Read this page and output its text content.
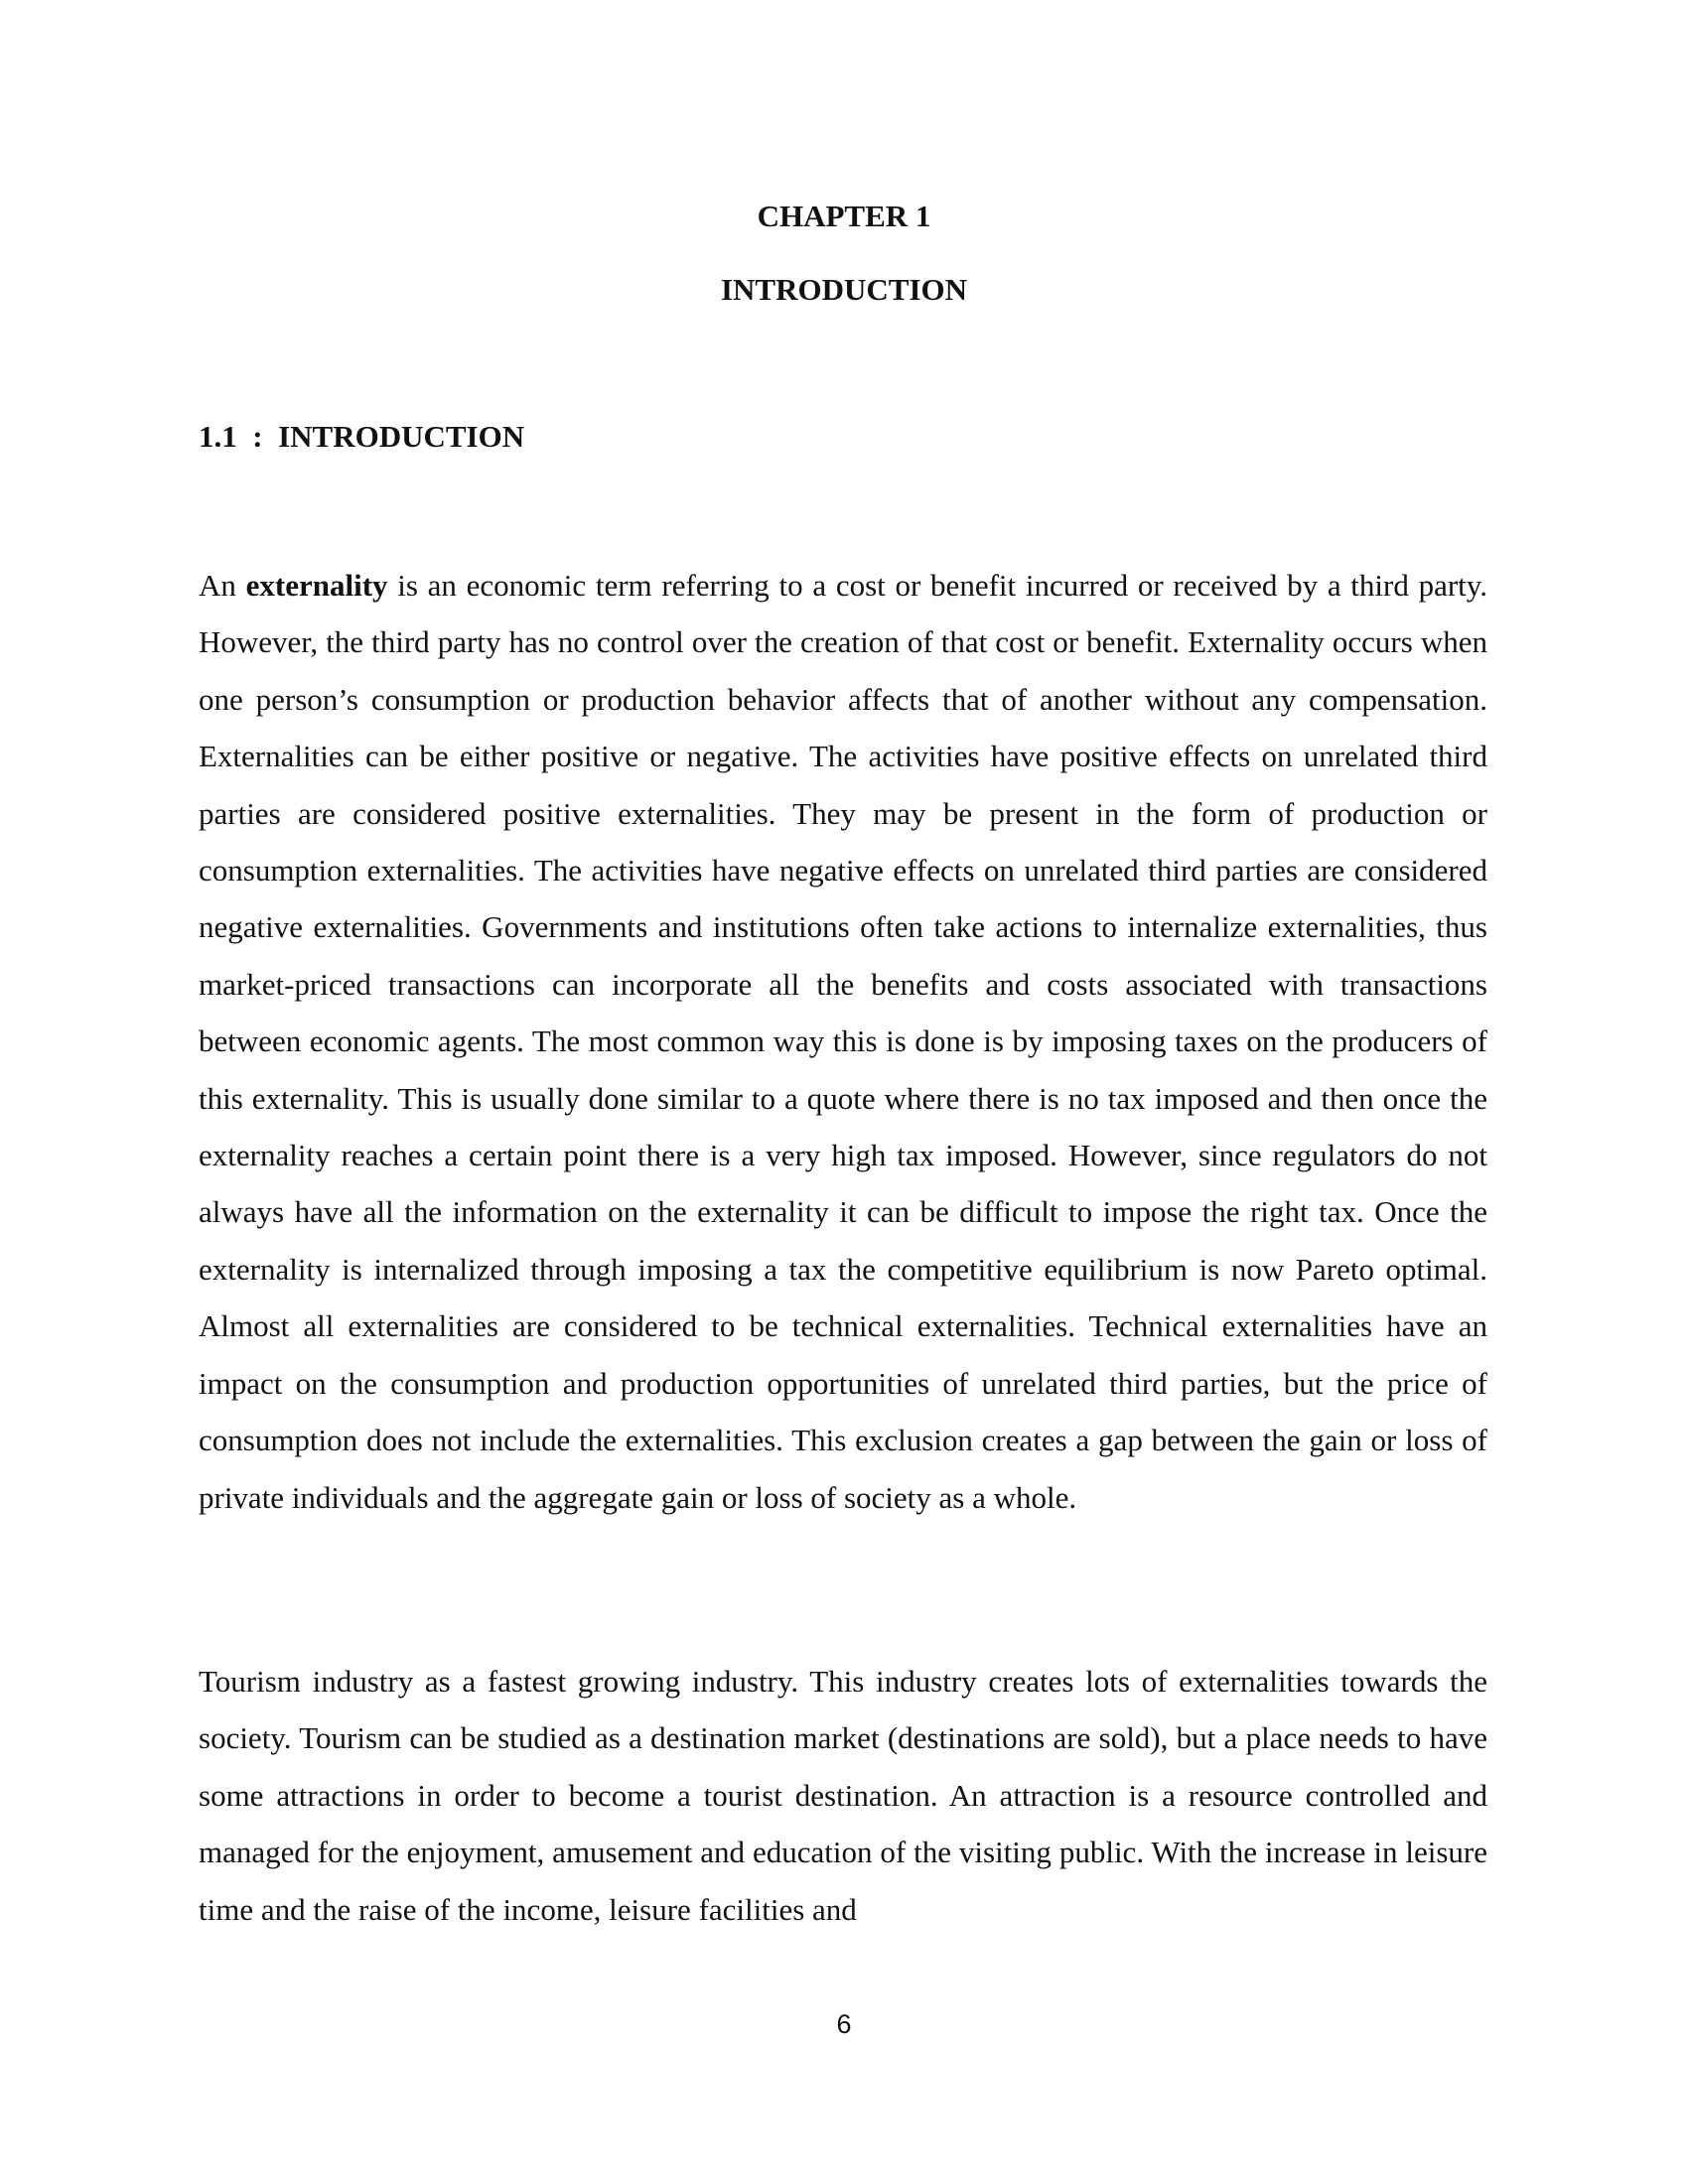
CHAPTER 1
INTRODUCTION
1.1  :  INTRODUCTION

An externality is an economic term referring to a cost or benefit incurred or received by a third party. However, the third party has no control over the creation of that cost or benefit. Externality occurs when one person’s consumption or production behavior affects that of another without any compensation. Externalities can be either positive or negative. The activities have positive effects on unrelated third parties are considered positive externalities. They may be present in the form of production or consumption externalities. The activities have negative effects on unrelated third parties are considered negative externalities. Governments and institutions often take actions to internalize externalities, thus market-priced transactions can incorporate all the benefits and costs associated with transactions between economic agents. The most common way this is done is by imposing taxes on the producers of this externality. This is usually done similar to a quote where there is no tax imposed and then once the externality reaches a certain point there is a very high tax imposed. However, since regulators do not always have all the information on the externality it can be difficult to impose the right tax. Once the externality is internalized through imposing a tax the competitive equilibrium is now Pareto optimal. Almost all externalities are considered to be technical externalities. Technical externalities have an impact on the consumption and production opportunities of unrelated third parties, but the price of consumption does not include the externalities. This exclusion creates a gap between the gain or loss of private individuals and the aggregate gain or loss of society as a whole.

Tourism industry as a fastest growing industry. This industry creates lots of externalities towards the society. Tourism can be studied as a destination market (destinations are sold), but a place needs to have some attractions in order to become a tourist destination. An attraction is a resource controlled and managed for the enjoyment, amusement and education of the visiting public. With the increase in leisure time and the raise of the income, leisure facilities and

6
